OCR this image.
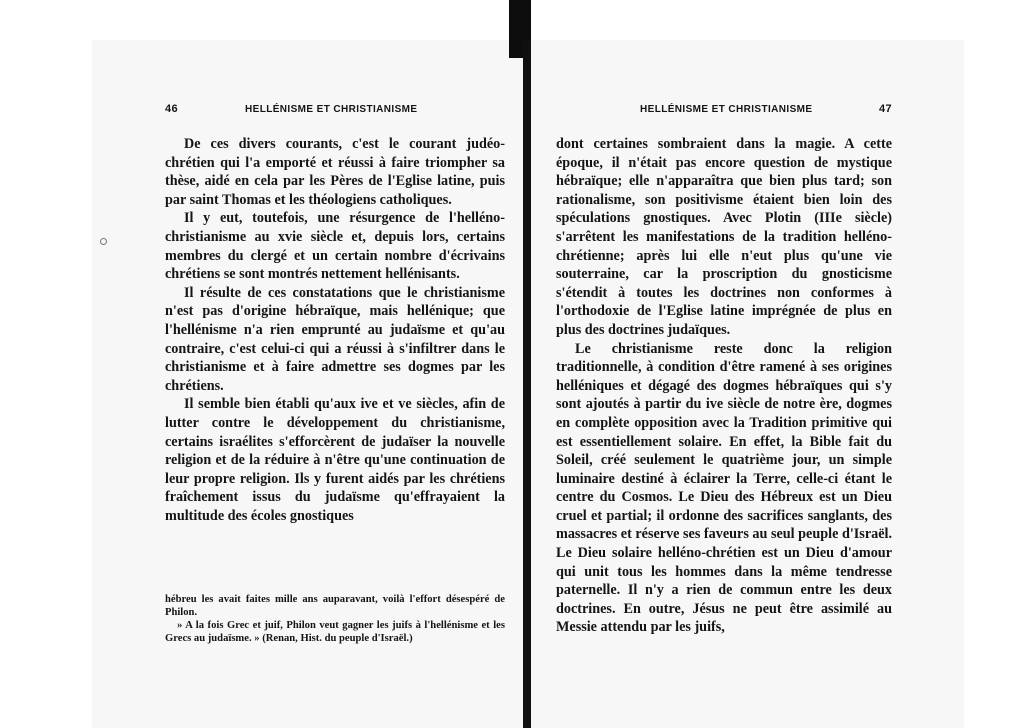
46	HELLÉNISME ET CHRISTIANISME

De ces divers courants, c'est le courant judéo-chrétien qui l'a emporté et réussi à faire triompher sa thèse, aidé en cela par les Pères de l'Eglise latine, puis par saint Thomas et les théologiens catholiques.

Il y eut, toutefois, une résurgence de l'helléno-christianisme au xvie siècle et, depuis lors, certains membres du clergé et un certain nombre d'écrivains chrétiens se sont montrés nettement hellénisants.

Il résulte de ces constatations que le christianisme n'est pas d'origine hébraïque, mais hellénique; que l'hellénisme n'a rien emprunté au judaïsme et qu'au contraire, c'est celui-ci qui a réussi à s'infiltrer dans le christianisme et à faire admettre ses dogmes par les chrétiens.

Il semble bien établi qu'aux ive et ve siècles, afin de lutter contre le développement du christianisme, certains israélites s'efforcèrent de judaïser la nouvelle religion et de la réduire à n'être qu'une continuation de leur propre religion. Ils y furent aidés par les chrétiens fraîchement issus du judaïsme qu'effrayaient la multitude des écoles gnostiques

hébreu les avait faites mille ans auparavant, voilà l'effort désespéré de Philon.

» A la fois Grec et juif, Philon veut gagner les juifs à l'hellénisme et les Grecs au judaïsme. » (Renan, Hist. du peuple d'Israël.)

HELLÉNISME ET CHRISTIANISME	47

dont certaines sombraient dans la magie. A cette époque, il n'était pas encore question de mystique hébraïque; elle n'apparaîtra que bien plus tard; son rationalisme, son positivisme étaient bien loin des spéculations gnostiques. Avec Plotin (IIIe siècle) s'arrêtent les manifestations de la tradition helléno-chrétienne; après lui elle n'eut plus qu'une vie souterraine, car la proscription du gnosticisme s'étendit à toutes les doctrines non conformes à l'orthodoxie de l'Eglise latine imprégnée de plus en plus des doctrines judaïques.

Le christianisme reste donc la religion traditionnelle, à condition d'être ramené à ses origines helléniques et dégagé des dogmes hébraïques qui s'y sont ajoutés à partir du ive siècle de notre ère, dogmes en complète opposition avec la Tradition primitive qui est essentiellement solaire. En effet, la Bible fait du Soleil, créé seulement le quatrième jour, un simple luminaire destiné à éclairer la Terre, celle-ci étant le centre du Cosmos. Le Dieu des Hébreux est un Dieu cruel et partial; il ordonne des sacrifices sanglants, des massacres et réserve ses faveurs au seul peuple d'Israël. Le Dieu solaire helléno-chrétien est un Dieu d'amour qui unit tous les hommes dans la même tendresse paternelle. Il n'y a rien de commun entre les deux doctrines. En outre, Jésus ne peut être assimilé au Messie attendu par les juifs,
